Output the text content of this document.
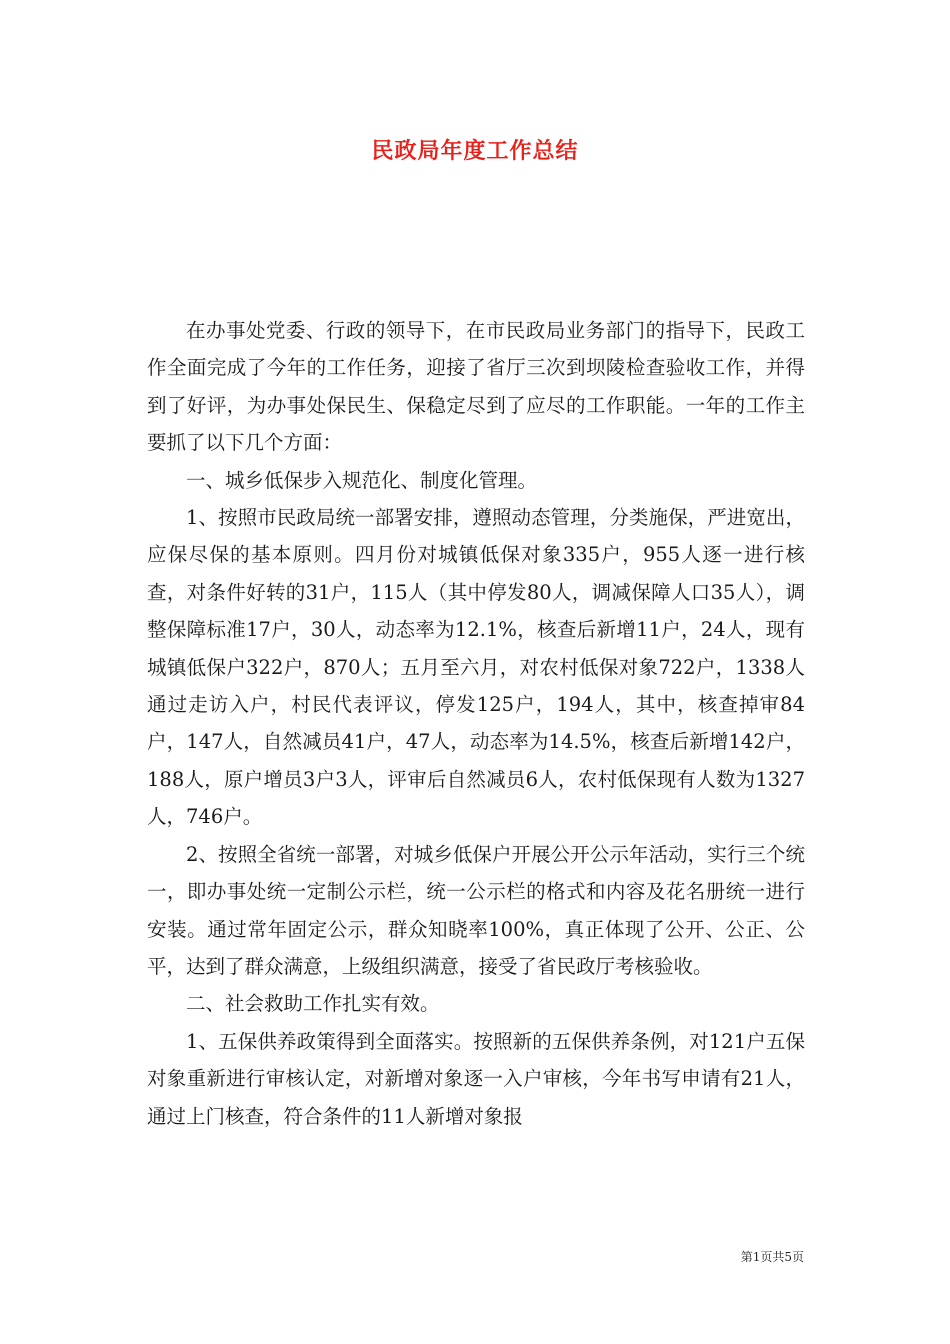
民政局年度工作总结

在办事处党委、行政的领导下，在市民政局业务部门的指导下，民政工作全面完成了今年的工作任务，迎接了省厅三次到坝陵检查验收工作，并得到了好评，为办事处保民生、保稳定尽到了应尽的工作职能。一年的工作主要抓了以下几个方面：

一、城乡低保步入规范化、制度化管理。

1、按照市民政局统一部署安排，遵照动态管理，分类施保，严进宽出，应保尽保的基本原则。四月份对城镇低保对象335户，955人逐一进行核查，对条件好转的31户，115人（其中停发80人，调减保障人口35人），调整保障标准17户，30人，动态率为12.1%，核查后新增11户，24人，现有城镇低保户322户，870人；五月至六月，对农村低保对象722户，1338人通过走访入户，村民代表评议，停发125户，194人，其中，核查掉审84户，147人，自然减员41户，47人，动态率为14.5%，核查后新增142户，188人，原户增员3户3人，评审后自然减员6人，农村低保现有人数为1327人，746户。

2、按照全省统一部署，对城乡低保户开展公开公示年活动，实行三个统一，即办事处统一定制公示栏，统一公示栏的格式和内容及花名册统一进行安装。通过常年固定公示，群众知晓率100%，真正体现了公开、公正、公平，达到了群众满意，上级组织满意，接受了省民政厅考核验收。

二、社会救助工作扎实有效。

1、五保供养政策得到全面落实。按照新的五保供养条例，对121户五保对象重新进行审核认定，对新增对象逐一入户审核，今年书写申请有21人，通过上门核查，符合条件的11人新增对象报

第1页共5页
